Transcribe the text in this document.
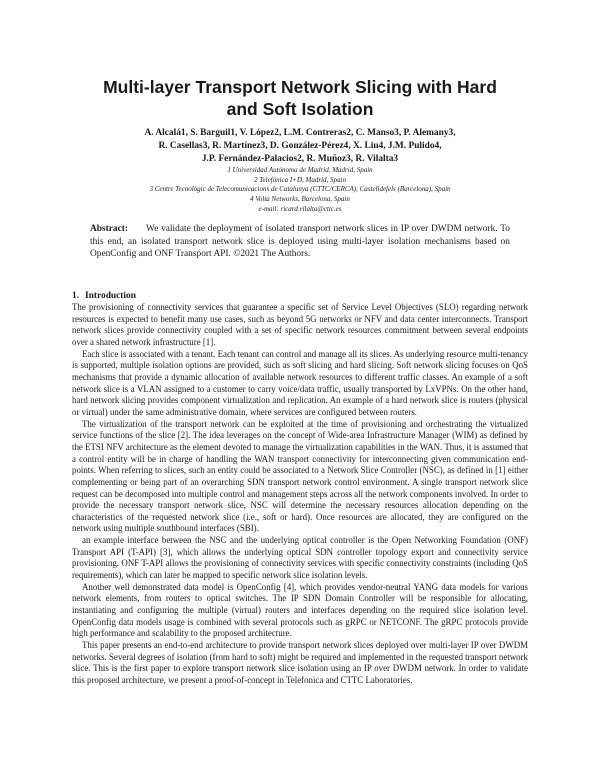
Multi-layer Transport Network Slicing with Hard
and Soft Isolation
A. Alcalá1, S. Barguil1, V. López2, L.M. Contreras2, C. Manso3, P. Alemany3,
R. Casellas3, R. Martínez3, D. González-Pérez4, X. Liu4, J.M. Pulido4,
J.P. Fernández-Palacios2, R. Muñoz3, R. Vilalta3
1 Universidad Autónoma de Madrid, Madrid, Spain
2 Telefónica I+D, Madrid, Spain
3 Centre Tecnològic de Telecomunicacions de Catalunya (CTTC/CERCA), Castelldefels (Barcelona), Spain
4 Volta Networks, Barcelona, Spain
e-mail: ricard.vilalta@cttc.es
Abstract: We validate the deployment of isolated transport network slices in IP over DWDM network. To this end, an isolated transport network slice is deployed using multi-layer isolation mechanisms based on OpenConfig and ONF Transport API. ©2021 The Authors.
1. Introduction

The provisioning of connectivity services that guarantee a specific set of Service Level Objectives (SLO) regarding network resources is expected to benefit many use cases, such as beyond 5G networks or NFV and data center interconnects. Transport network slices provide connectivity coupled with a set of specific network resources commitment between several endpoints over a shared network infrastructure [1].

Each slice is associated with a tenant. Each tenant can control and manage all its slices. As underlying resource multi-tenancy is supported, multiple isolation options are provided, such as soft slicing and hard slicing. Soft network slicing focuses on QoS mechanisms that provide a dynamic allocation of available network resources to different traffic classes. An example of a soft network slice is a VLAN assigned to a customer to carry voice/data traffic, usually transported by LxVPNs. On the other hand, hard network slicing provides component virtualization and replication. An example of a hard network slice is routers (physical or virtual) under the same administrative domain, where services are configured between routers.

The virtualization of the transport network can be exploited at the time of provisioning and orchestrating the virtualized service functions of the slice [2]. The idea leverages on the concept of Wide-area Infrastructure Manager (WIM) as defined by the ETSI NFV architecture as the element devoted to manage the virtualization capabilities in the WAN. Thus, it is assumed that a control entity will be in charge of handling the WAN transport connectivity for interconnecting given communication end-points. When referring to slices, such an entity could be associated to a Network Slice Controller (NSC), as defined in [1] either complementing or being part of an overarching SDN transport network control environment. A single transport network slice request can be decomposed into multiple control and management steps across all the network components involved. In order to provide the necessary transport network slice, NSC will determine the necessary resources allocation depending on the characteristics of the requested network slice (i.e., soft or hard). Once resources are allocated, they are configured on the network using multiple southbound interfaces (SBI).

an example interface between the NSC and the underlying optical controller is the Open Networking Foundation (ONF) Transport API (T-API) [3], which allows the underlying optical SDN controller topology export and connectivity service provisioning. ONF T-API allows the provisioning of connectivity services with specific connectivity constraints (including QoS requirements), which can later be mapped to specific network slice isolation levels.

Another well demonstrated data model is OpenConfig [4], which provides vendor-neutral YANG data models for various network elements, from routers to optical switches. The IP SDN Domain Controller will be responsible for allocating, instantiating and configuring the multiple (virtual) routers and interfaces depending on the required slice isolation level. OpenConfig data models usage is combined with several protocols such as gRPC or NETCONF. The gRPC protocols provide high performance and scalability to the proposed architecture.

This paper presents an end-to-end architecture to provide transport network slices deployed over multi-layer IP over DWDM networks. Several degrees of isolation (from hard to soft) might be required and implemented in the requested transport network slice. This is the first paper to explore transport network slice isolation using an IP over DWDM network. In order to validate this proposed architecture, we present a proof-of-concept in Telefonica and CTTC Laboratories.
